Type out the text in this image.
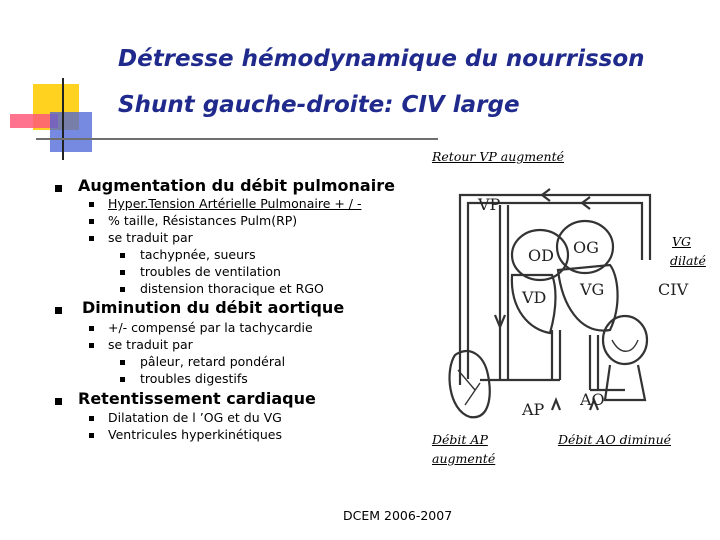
Détresse hémodynamique du nourrisson
Shunt gauche-droite: CIV large
Augmentation du débit pulmonaire
Hyper.Tension Artérielle Pulmonaire + / -
% taille, Résistances Pulm(RP)
se traduit par
tachypnée, sueurs
troubles de ventilation
distension thoracique et RGO
Diminution du débit aortique
+/- compensé par la tachycardie
se traduit par
pâleur, retard pondéral
troubles digestifs
Retentissement cardiaque
Dilatation de l ’OG et du VG
Ventricules hyperkinétiques
Retour VP augmenté
VG
dilaté
Débit AP
augmenté
Débit AO diminué
VP
OD OG
VD VG	CIV
AP
AO
DCEM 2006-2007
